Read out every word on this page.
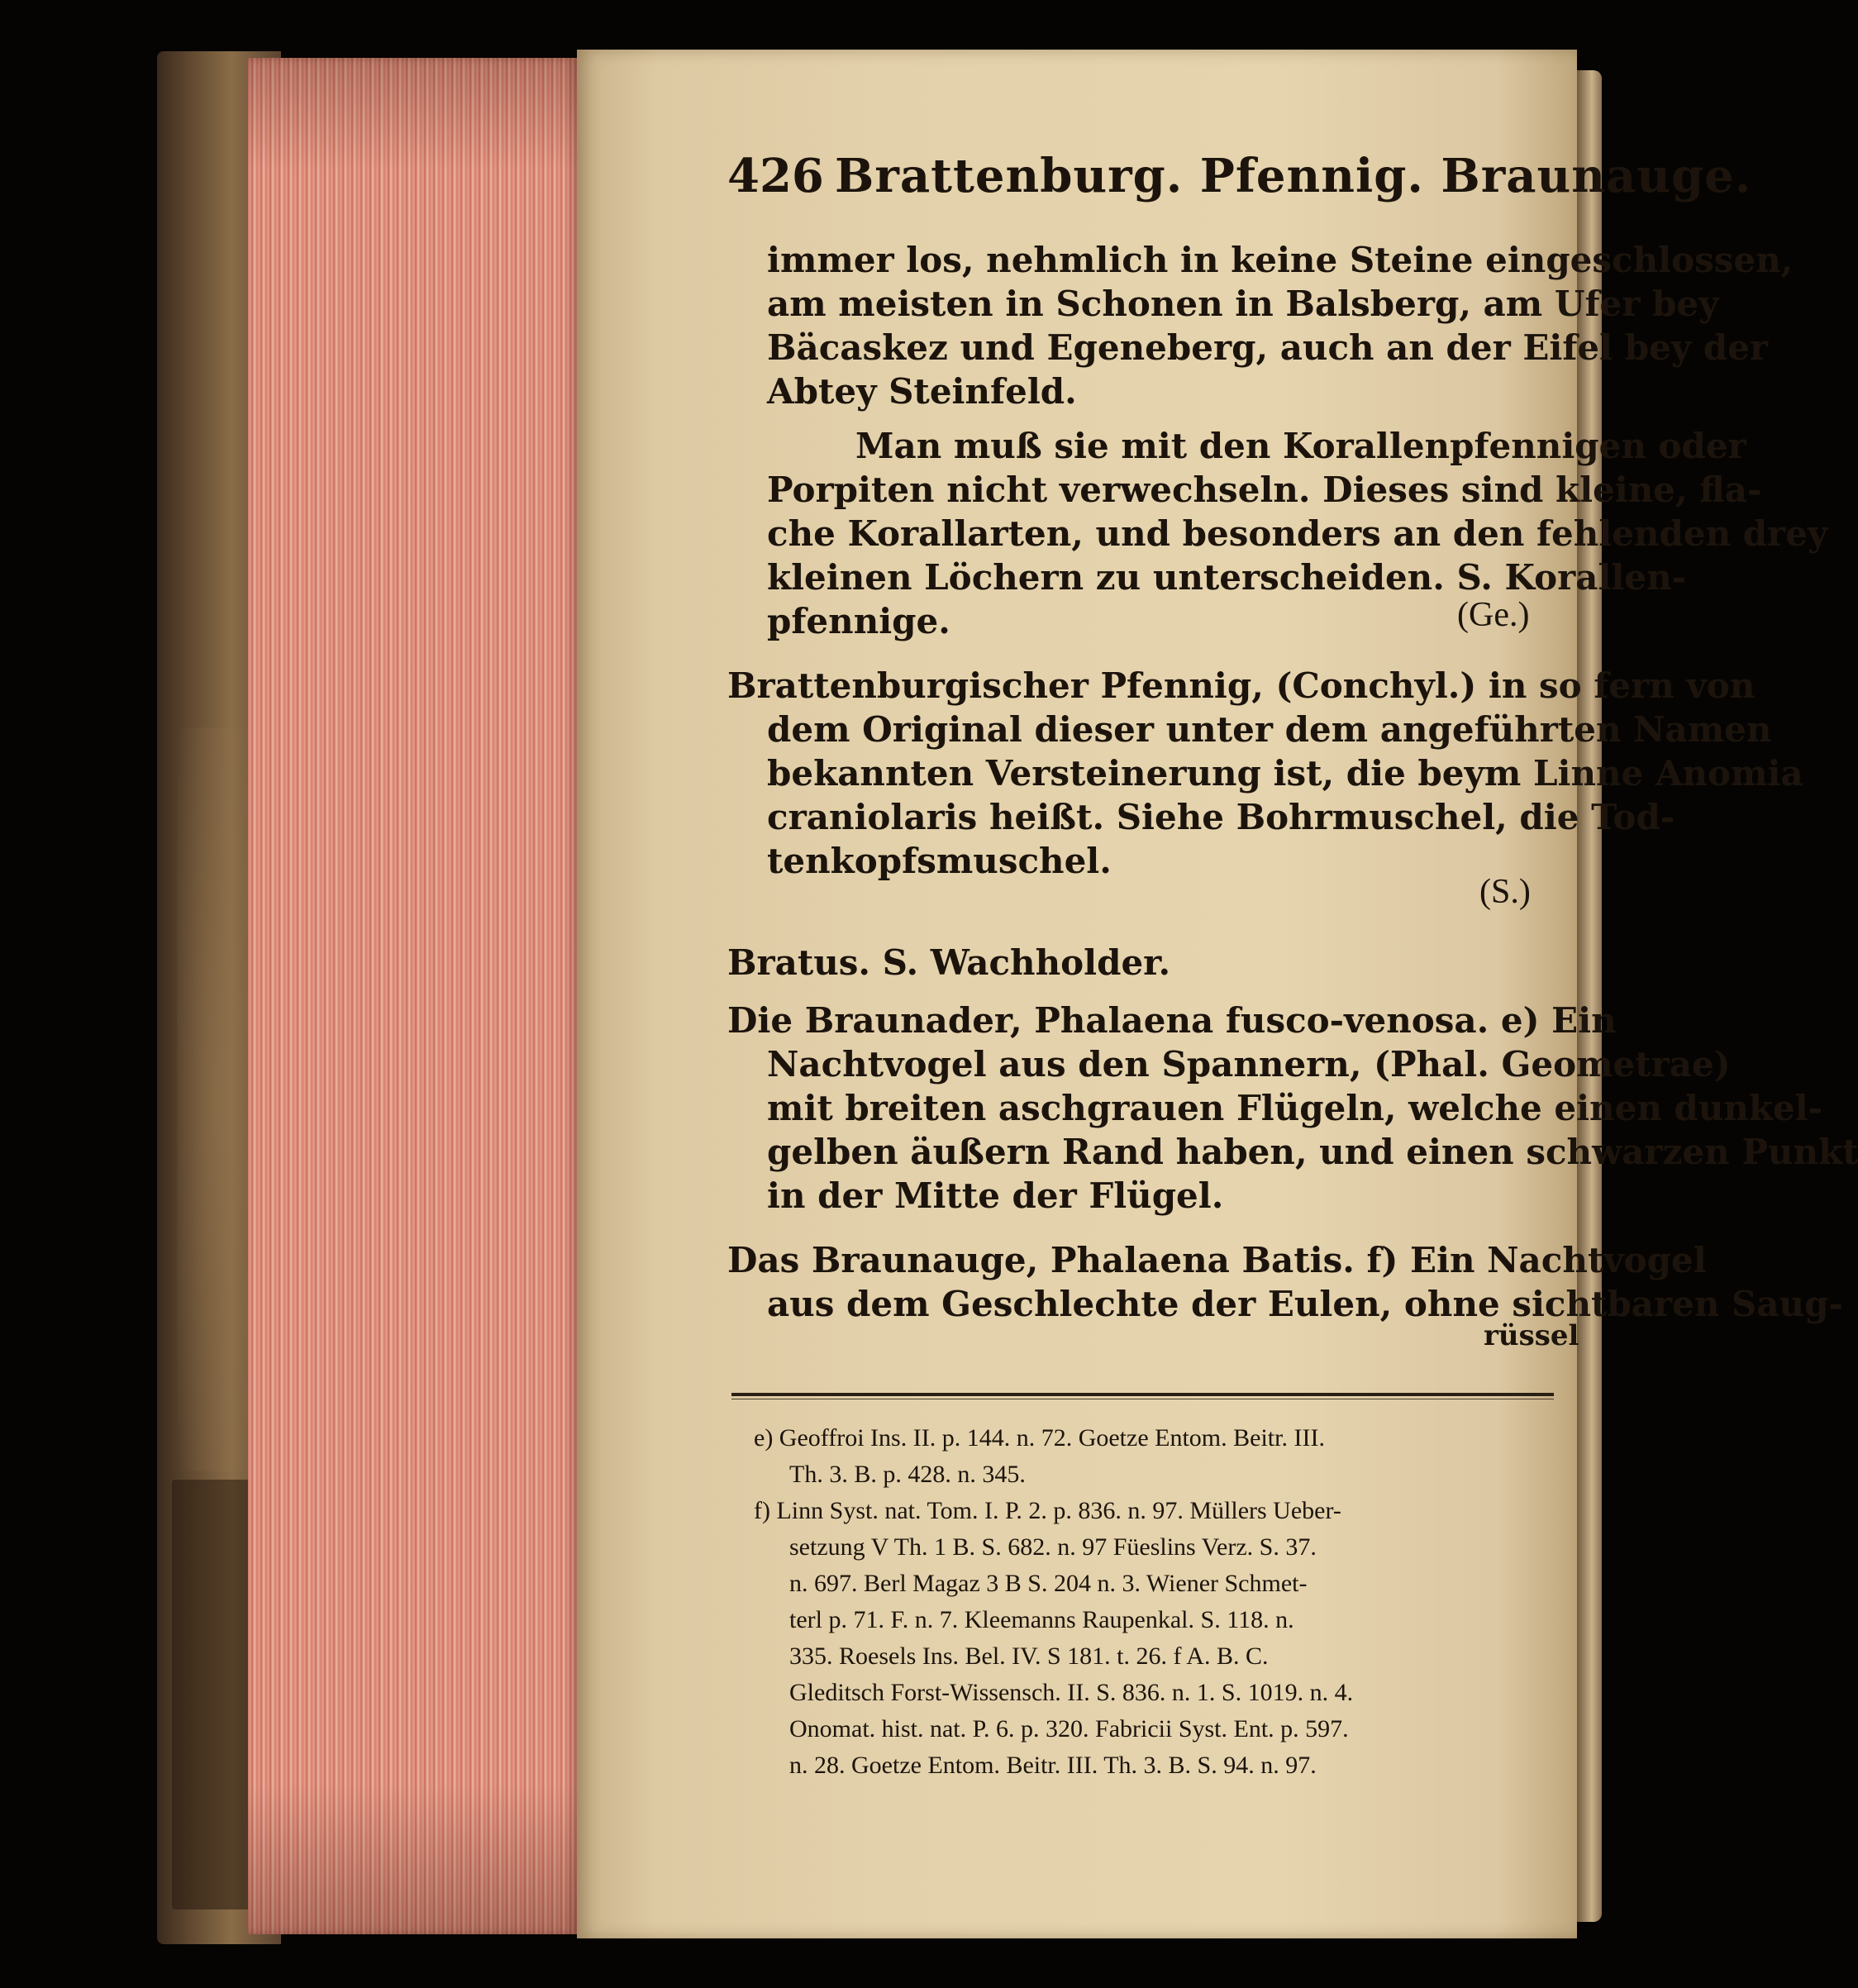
426 Brattenburg. Pfennig. Braunauge.
immer los, nehmlich in keine Steine eingeschlossen,
am meisten in Schonen in Balsberg, am Ufer bey
Bäcaskez und Egeneberg, auch an der Eifel bey der
Abtey Steinfeld.
Man muß sie mit den Korallenpfennigen oder
Porpiten nicht verwechseln. Dieses sind kleine, fla-
che Korallarten, und besonders an den fehlenden drey
kleinen Löchern zu unterscheiden. S. Korallen-
pfennige.	(Ge.)
Brattenburgischer Pfennig, (Conchyl.) in so fern von
dem Original dieser unter dem angeführten Namen
bekannten Versteinerung ist, die beym Linne Anomia
craniolaris heißt. Siehe Bohrmuschel, die Tod-
tenkopfsmuschel.
(S.)
Bratus. S. Wachholder.
Die Braunader, Phalaena fusco-venosa. e) Ein
Nachtvogel aus den Spannern, (Phal. Geometrae)
mit breiten aschgrauen Flügeln, welche einen dunkel-
gelben äußern Rand haben, und einen schwarzen Punkt
in der Mitte der Flügel.
Das Braunauge, Phalaena Batis. f) Ein Nachtvogel
aus dem Geschlechte der Eulen, ohne sichtbaren Saug-
rüssel
e) Geoffroi Ins. II. p. 144. n. 72. Goetze Entom. Beitr. III.
Th. 3. B. p. 428. n. 345.
f) Linn Syst. nat. Tom. I. P. 2. p. 836. n. 97. Müllers Ueber-
setzung V Th. 1 B. S. 682. n. 97 Füeslins Verz. S. 37.
n. 697. Berl Magaz 3 B S. 204 n. 3. Wiener Schmet-
terl p. 71. F. n. 7. Kleemanns Raupenkal. S. 118. n.
335. Roesels Ins. Bel. IV. S 181. t. 26. f A. B. C.
Gleditsch Forst-Wissensch. II. S. 836. n. 1. S. 1019. n. 4.
Onomat. hist. nat. P. 6. p. 320. Fabricii Syst. Ent. p. 597.
n. 28. Goetze Entom. Beitr. III. Th. 3. B. S. 94. n. 97.
